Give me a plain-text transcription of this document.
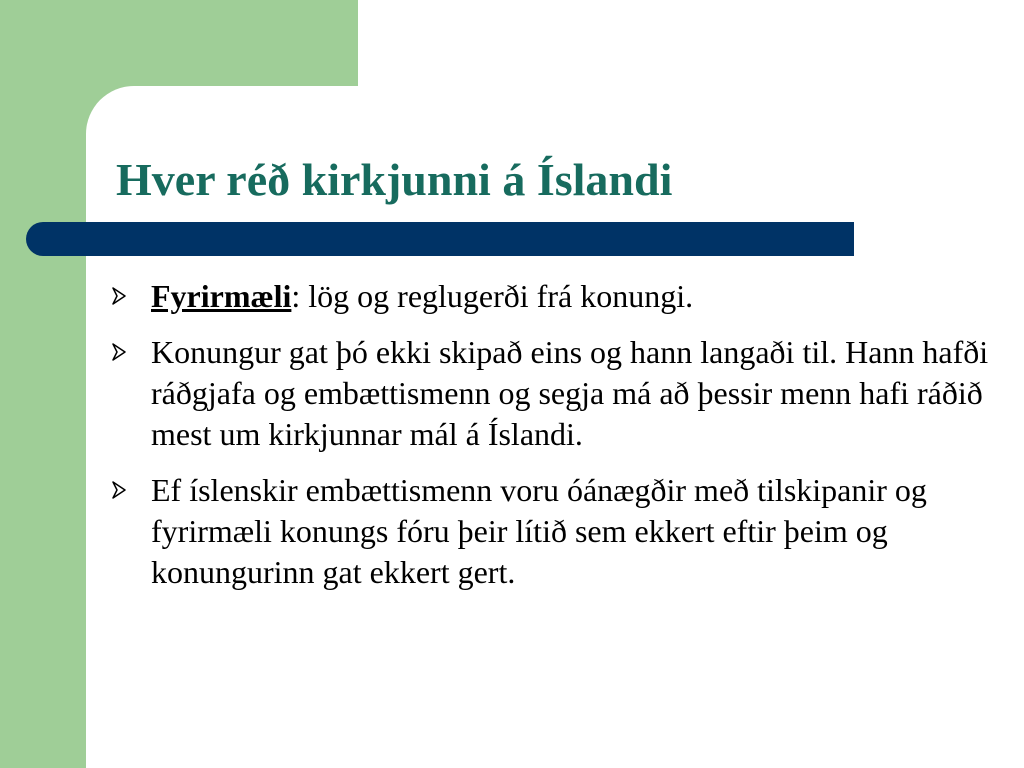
Hver réð kirkjunni á Íslandi
Fyrirmæli: lög og reglugerði frá konungi.
Konungur gat þó ekki skipað eins og hann langaði til. Hann hafði ráðgjafa og embættismenn og segja má að þessir menn hafi ráðið mest um kirkjunnar mál á Íslandi.
Ef íslenskir embættismenn voru óánægðir með tilskipanir og fyrirmæli konungs fóru þeir lítið sem ekkert eftir þeim og konungurinn gat ekkert gert.
